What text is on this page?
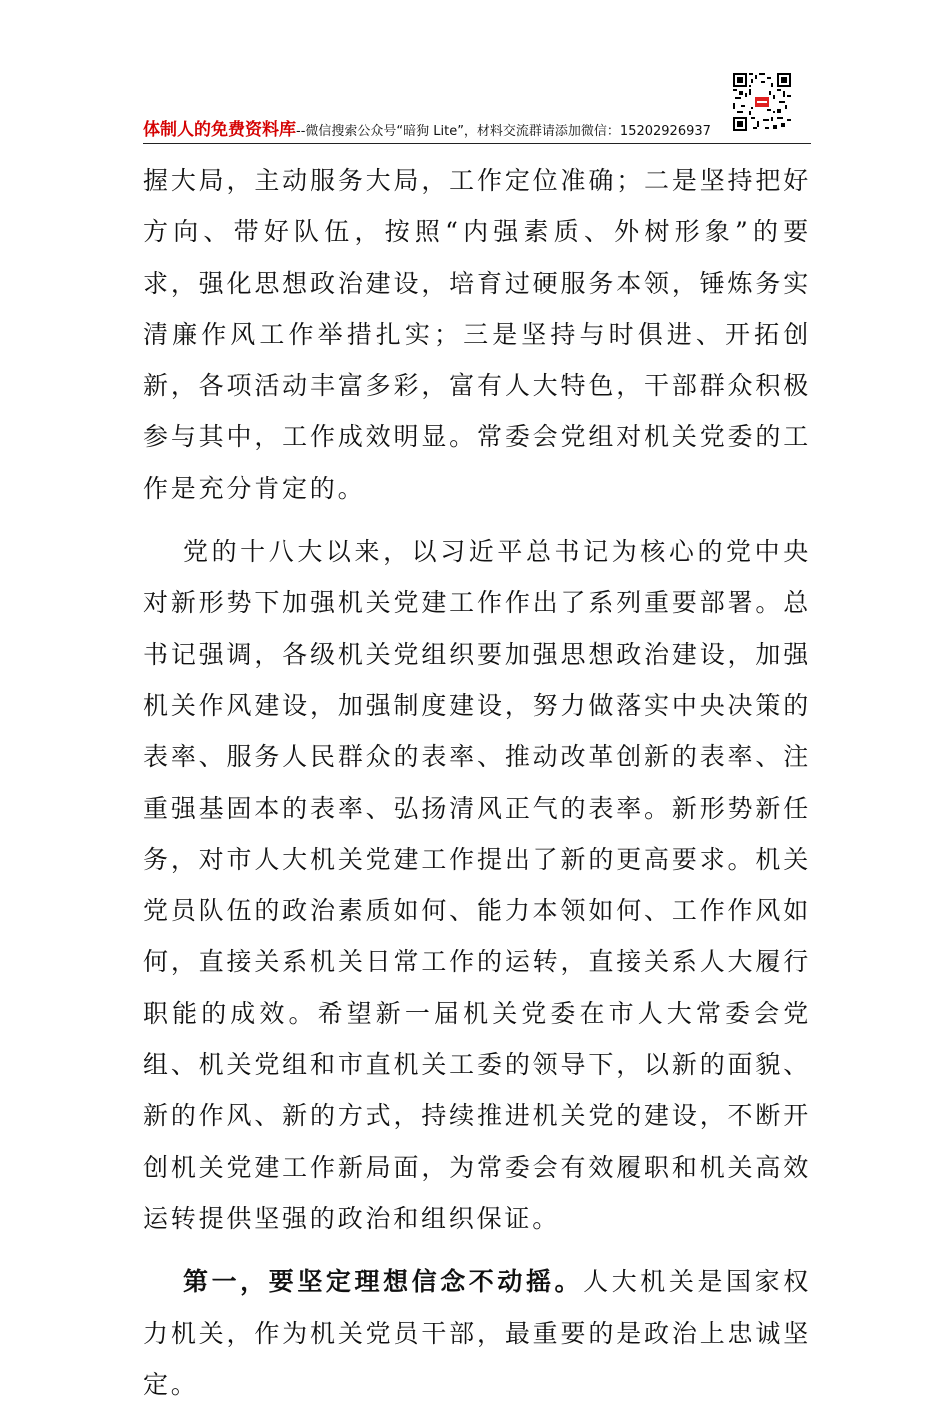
体制人的免费资料库--微信搜索公众号“暗狗 Lite”，材料交流群请添加微信：15202926937

握大局，主动服务大局，工作定位准确；二是坚持把好方向、带好队伍，按照“内强素质、外树形象”的要求，强化思想政治建设，培育过硬服务本领，锤炼务实清廉作风工作举措扎实；三是坚持与时俱进、开拓创新，各项活动丰富多彩，富有人大特色，干部群众积极参与其中，工作成效明显。常委会党组对机关党委的工作是充分肯定的。

党的十八大以来，以习近平总书记为核心的党中央对新形势下加强机关党建工作作出了系列重要部署。总书记强调，各级机关党组织要加强思想政治建设，加强机关作风建设，加强制度建设，努力做落实中央决策的表率、服务人民群众的表率、推动改革创新的表率、注重强基固本的表率、弘扬清风正气的表率。新形势新任务，对市人大机关党建工作提出了新的更高要求。机关党员队伍的政治素质如何、能力本领如何、工作作风如何，直接关系机关日常工作的运转，直接关系人大履行职能的成效。希望新一届机关党委在市人大常委会党组、机关党组和市直机关工委的领导下，以新的面貌、新的作风、新的方式，持续推进机关党的建设，不断开创机关党建工作新局面，为常委会有效履职和机关高效运转提供坚强的政治和组织保证。

第一，要坚定理想信念不动摇。人大机关是国家权力机关，作为机关党员干部，最重要的是政治上忠诚坚定。
